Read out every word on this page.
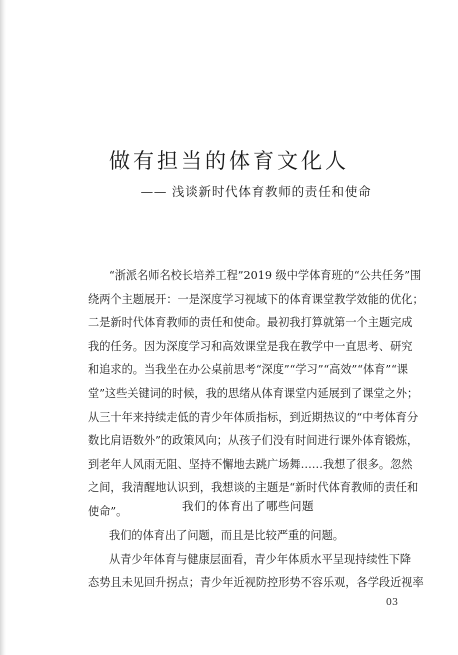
做有担当的体育文化人
—— 浅谈新时代体育教师的责任和使命
“浙派名师名校长培养工程”2019 级中学体育班的“公共任务”围
绕两个主题展开：一是深度学习视域下的体育课堂教学效能的优化；
二是新时代体育教师的责任和使命。最初我打算就第一个主题完成
我的任务。因为深度学习和高效课堂是我在教学中一直思考、研究
和追求的。当我坐在办公桌前思考“深度”“学习”“高效”“体育”“课
堂”这些关键词的时候，我的思绪从体育课堂内延展到了课堂之外；
从三十年来持续走低的青少年体质指标，到近期热议的“中考体育分
数比肩语数外”的政策风向；从孩子们没有时间进行课外体育锻炼，
到老年人风雨无阻、坚持不懈地去跳广场舞……我想了很多。忽然
之间，我清醒地认识到，我想谈的主题是“新时代体育教师的责任和
使命”。	我们的体育出了哪些问题
我们的体育出了问题，而且是比较严重的问题。
从青少年体育与健康层面看，青少年体质水平呈现持续性下降
态势且未见回升拐点；青少年近视防控形势不容乐观，各学段近视率
03
